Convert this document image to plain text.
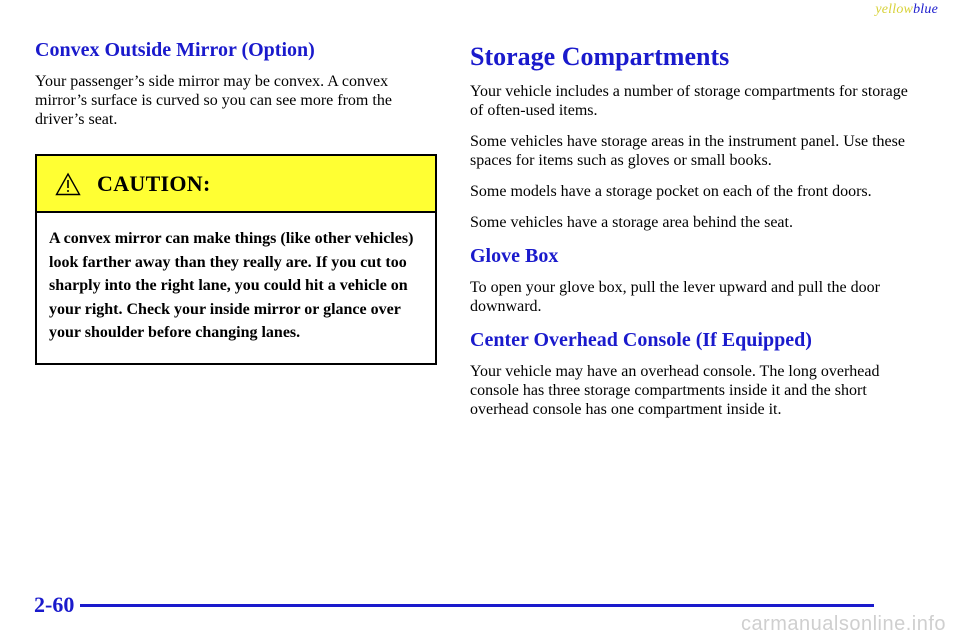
yellowblue
Convex Outside Mirror (Option)

Your passenger’s side mirror may be convex. A convex mirror’s surface is curved so you can see more from the driver’s seat.

CAUTION:
A convex mirror can make things (like other vehicles) look farther away than they really are. If you cut too sharply into the right lane, you could hit a vehicle on your right. Check your inside mirror or glance over your shoulder before changing lanes.
Storage Compartments

Your vehicle includes a number of storage compartments for storage of often‑used items.

Some vehicles have storage areas in the instrument panel. Use these spaces for items such as gloves or small books.

Some models have a storage pocket on each of the front doors.

Some vehicles have a storage area behind the seat.

Glove Box

To open your glove box, pull the lever upward and pull the door downward.

Center Overhead Console (If Equipped)

Your vehicle may have an overhead console. The long overhead console has three storage compartments inside it and the short overhead console has one compartment inside it.

2-60
carmanualsonline.info
